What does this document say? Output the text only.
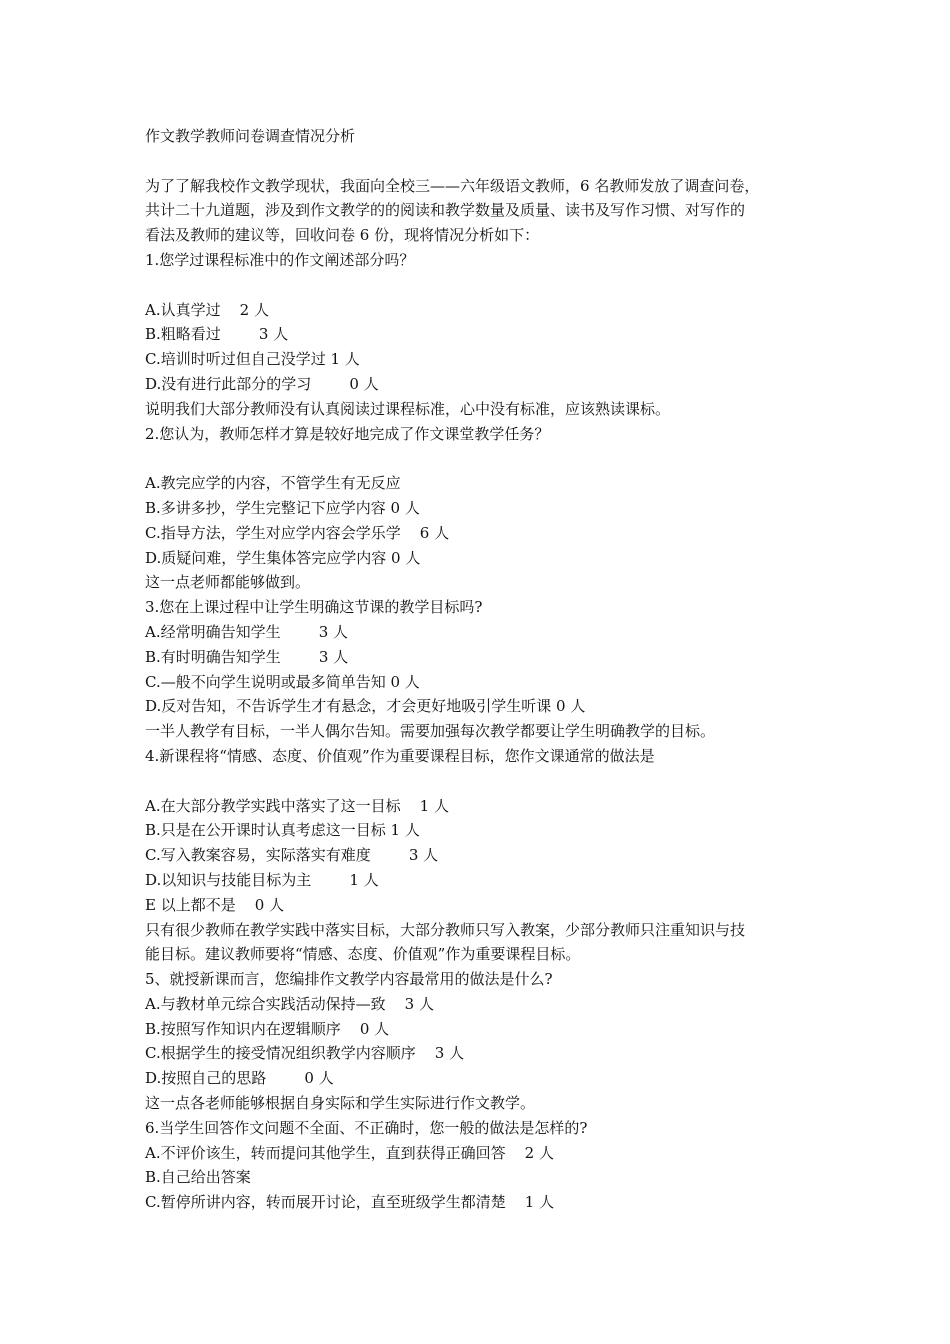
作文教学教师问卷调查情况分析

为了了解我校作文教学现状，我面向全校三——六年级语文教师，6 名教师发放了调查问卷，

共计二十九道题，涉及到作文教学的的阅读和教学数量及质量、读书及写作习惯、对写作的

看法及教师的建议等，回收问卷 6 份，现将情况分析如下：

1.您学过课程标准中的作文阐述部分吗？

A.认真学过    2 人

B.粗略看过        3 人

C.培训时听过但自己没学过 1 人

D.没有进行此部分的学习        0 人

说明我们大部分教师没有认真阅读过课程标准，心中没有标准，应该熟读课标。

2.您认为，教师怎样才算是较好地完成了作文课堂教学任务？

A.教完应学的内容，不管学生有无反应

B.多讲多抄，学生完整记下应学内容 0 人

C.指导方法，学生对应学内容会学乐学    6 人

D.质疑问难，学生集体答完应学内容 0 人

这一点老师都能够做到。

3.您在上课过程中让学生明确这节课的教学目标吗?

A.经常明确告知学生        3 人

B.有时明确告知学生        3 人

C.—般不向学生说明或最多简单告知 0 人

D.反对告知，不告诉学生才有悬念，才会更好地吸引学生听课 0 人

一半人教学有目标，一半人偶尔告知。需要加强每次教学都要让学生明确教学的目标。

4.新课程将“情感、态度、价值观”作为重要课程目标，您作文课通常的做法是

A.在大部分教学实践中落实了这一目标    1 人

B.只是在公开课时认真考虑这一目标 1 人

C.写入教案容易，实际落实有难度        3 人

D.以知识与技能目标为主        1 人

E 以上都不是    0 人

只有很少教师在教学实践中落实目标，大部分教师只写入教案，少部分教师只注重知识与技

能目标。建议教师要将“情感、态度、价值观”作为重要课程目标。

5、就授新课而言，您编排作文教学内容最常用的做法是什么?

A.与教材单元综合实践活动保持—致    3 人

B.按照写作知识内在逻辑顺序    0 人

C.根据学生的接受情况组织教学内容顺序    3 人

D.按照自己的思路        0 人

这一点各老师能够根据自身实际和学生实际进行作文教学。

6.当学生回答作文问题不全面、不正确时，您一般的做法是怎样的?

A.不评价该生，转而提问其他学生，直到获得正确回答    2 人

B.自己给出答案

C.暂停所讲内容，转而展开讨论，直至班级学生都清楚    1 人
